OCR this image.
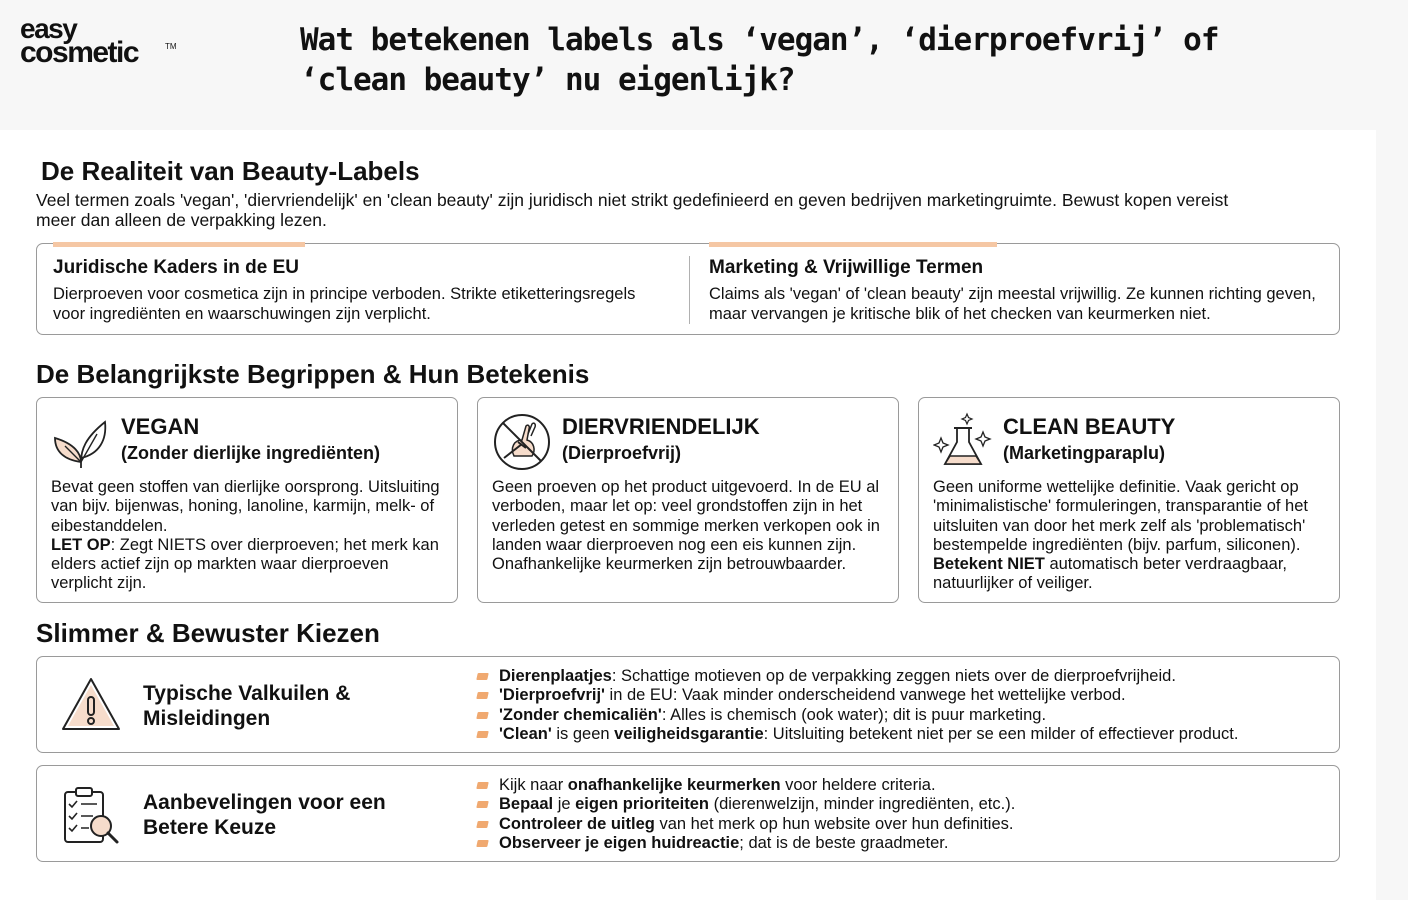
easy
cosmetic	TM	Wat betekenen labels als ‘vegan’, ‘dierproefvrij’ of ‘clean beauty’ nu eigenlijk?
De Realiteit van Beauty-Labels
Veel termen zoals 'vegan', 'diervriendelijk' en 'clean beauty' zijn juridisch niet strikt gedefinieerd en geven bedrijven marketingruimte. Bewust kopen vereist meer dan alleen de verpakking lezen.
Juridische Kaders in de EU
Dierproeven voor cosmetica zijn in principe verboden. Strikte etiketteringsregels voor ingrediënten en waarschuwingen zijn verplicht.
Marketing & Vrijwillige Termen
Claims als 'vegan' of 'clean beauty' zijn meestal vrijwillig. Ze kunnen richting geven, maar vervangen je kritische blik of het checken van keurmerken niet.
De Belangrijkste Begrippen & Hun Betekenis
VEGAN
(Zonder dierlijke ingrediënten)
Bevat geen stoffen van dierlijke oorsprong. Uitsluiting van bijv. bijenwas, honing, lanoline, karmijn, melk- of eibestanddelen.
LET OP: Zegt NIETS over dierproeven; het merk kan elders actief zijn op markten waar dierproeven verplicht zijn.
DIERVRIENDELIJK
(Dierproefvrij)
Geen proeven op het product uitgevoerd. In de EU al verboden, maar let op: veel grondstoffen zijn in het verleden getest en sommige merken verkopen ook in landen waar dierproeven nog een eis kunnen zijn. Onafhankelijke keurmerken zijn betrouwbaarder.
CLEAN BEAUTY
(Marketingparaplu)
Geen uniforme wettelijke definitie. Vaak gericht op 'minimalistische' formuleringen, transparantie of het uitsluiten van door het merk zelf als 'problematisch' bestempelde ingrediënten (bijv. parfum, siliconen).
Betekent NIET automatisch beter verdraagbaar, natuurlijker of veiliger.
Slimmer & Bewuster Kiezen
Typische Valkuilen & Misleidingen
Dierenplaatjes: Schattige motieven op de verpakking zeggen niets over de dierproefvrijheid.
'Dierproefvrij' in de EU: Vaak minder onderscheidend vanwege het wettelijke verbod.
'Zonder chemicaliën': Alles is chemisch (ook water); dit is puur marketing.
'Clean' is geen veiligheidsgarantie: Uitsluiting betekent niet per se een milder of effectiever product.
Aanbevelingen voor een Betere Keuze
Kijk naar onafhankelijke keurmerken voor heldere criteria.
Bepaal je eigen prioriteiten (dierenwelzijn, minder ingrediënten, etc.).
Controleer de uitleg van het merk op hun website over hun definities.
Observeer je eigen huidreactie; dat is de beste graadmeter.
